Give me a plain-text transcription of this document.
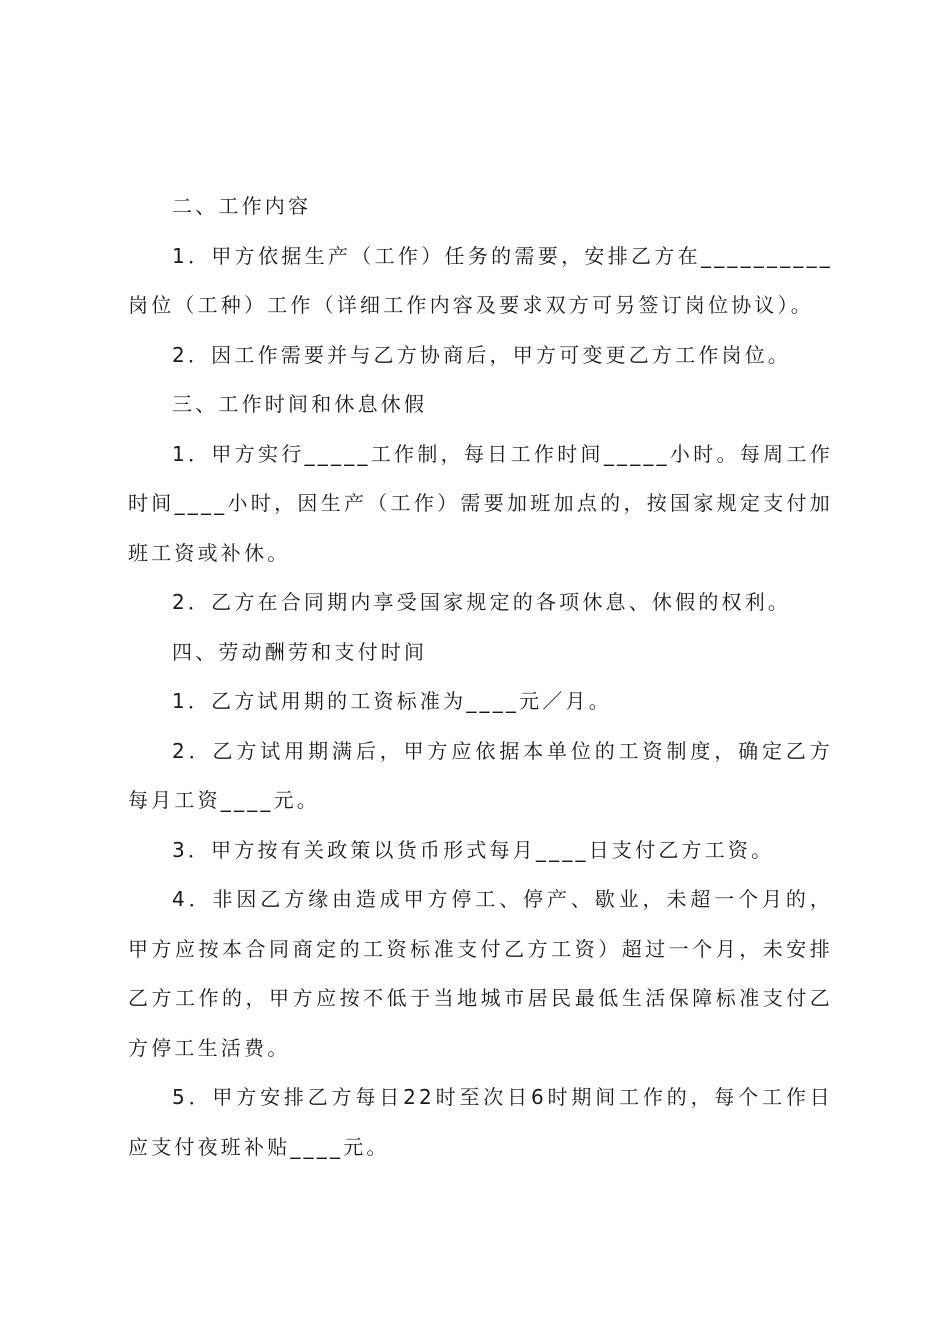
二、工作内容

1．甲方依据生产（工作）任务的需要，安排乙方在__________岗位（工种）工作（详细工作内容及要求双方可另签订岗位协议）。

2．因工作需要并与乙方协商后，甲方可变更乙方工作岗位。

三、工作时间和休息休假

1．甲方实行_____工作制，每日工作时间_____小时。每周工作时间____小时，因生产（工作）需要加班加点的，按国家规定支付加班工资或补休。

2．乙方在合同期内享受国家规定的各项休息、休假的权利。

四、劳动酬劳和支付时间

1．乙方试用期的工资标准为____元／月。

2．乙方试用期满后，甲方应依据本单位的工资制度，确定乙方每月工资____元。

3．甲方按有关政策以货币形式每月____日支付乙方工资。

4．非因乙方缘由造成甲方停工、停产、歇业，未超一个月的，甲方应按本合同商定的工资标准支付乙方工资）超过一个月，未安排乙方工作的，甲方应按不低于当地城市居民最低生活保障标准支付乙方停工生活费。

5．甲方安排乙方每日22时至次日6时期间工作的，每个工作日应支付夜班补贴____元。
